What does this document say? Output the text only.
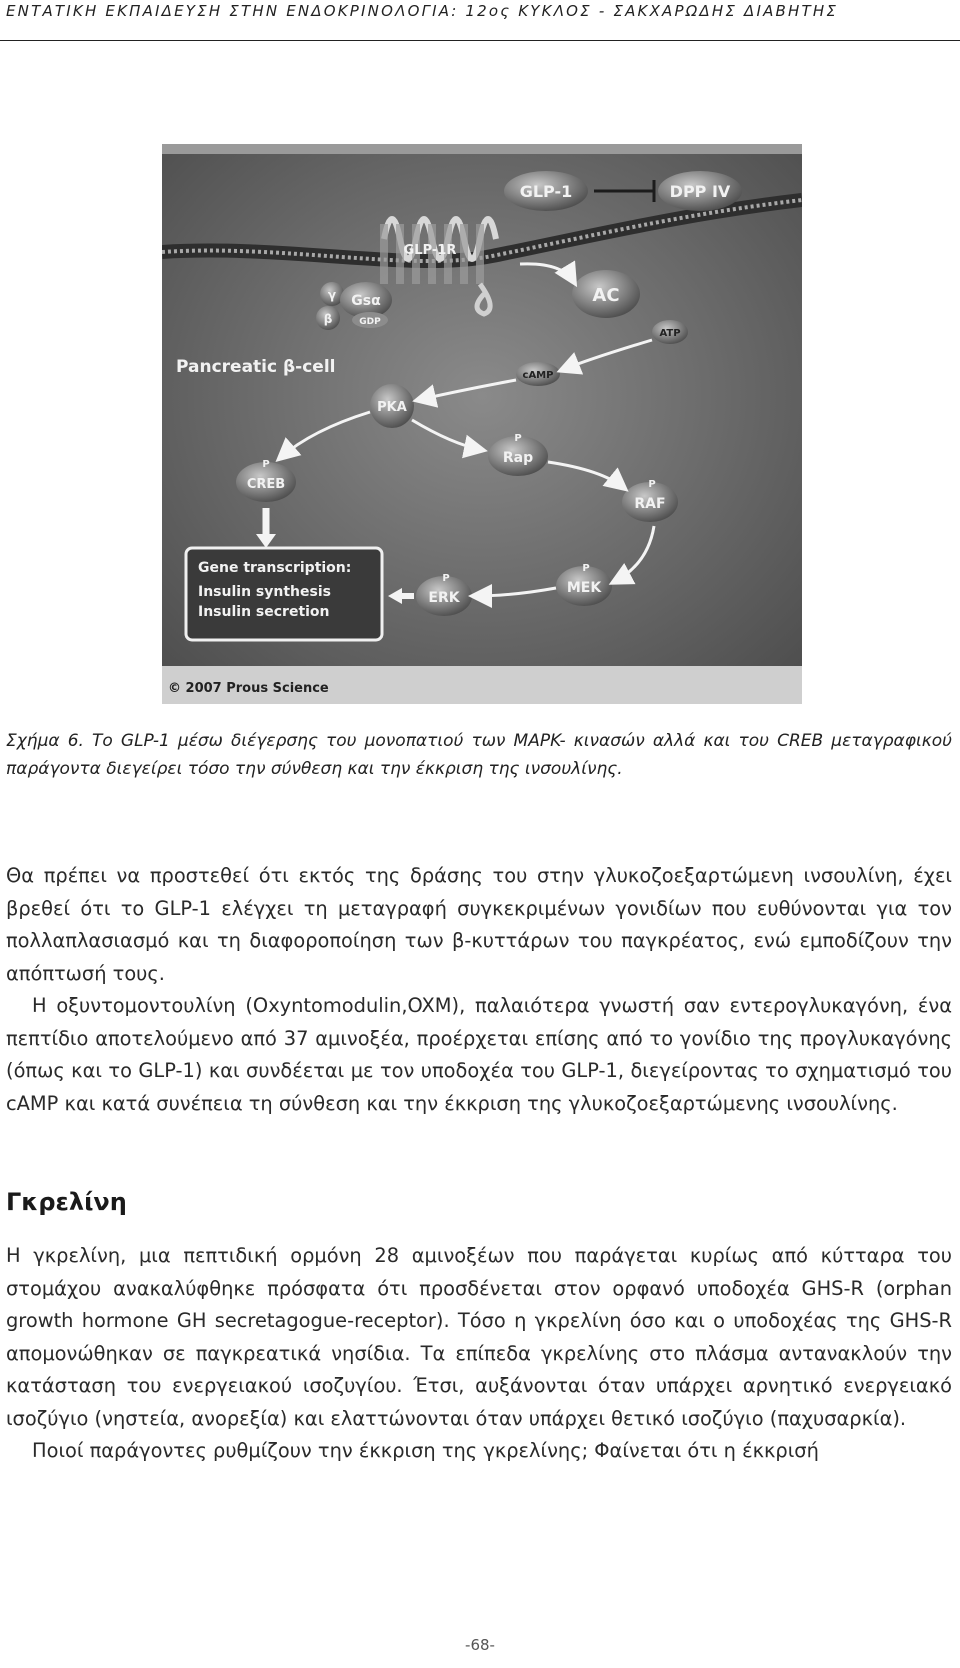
ΕΝΤΑΤΙΚΗ ΕΚΠΑΙΔΕΥΣΗ ΣΤΗΝ ΕΝΔΟΚΡΙΝΟΛΟΓΙΑ: 12ος ΚΥΚΛΟΣ - ΣΑΚΧΑΡΩΔΗΣ ΔΙΑΒΗΤΗΣ
GLP-1	DPP IV
GLP-1R
γ
β
Gsα
GDP
AC
ATP
cAMP
Pancreatic β-cell
PKA
P
Rap
P
CREB	P
RAF
P
MEK
P
ERK
Gene transcription:
Insulin synthesis
Insulin secretion
© 2007 Prous Science
Σχήμα 6. Το GLP-1 μέσω διέγερσης του μονοπατιού των MAPK- κινασών αλλά και του CREB μεταγραφικού παράγοντα διεγείρει τόσο την σύνθεση και την έκκριση της ινσουλίνης.

Θα πρέπει να προστεθεί ότι εκτός της δράσης του στην γλυκοζοεξαρτώμενη ινσουλίνη, έχει βρεθεί ότι το GLP-1 ελέγχει τη μεταγραφή συγκεκριμένων γονιδίων που ευθύνονται για τον πολλαπλασιασμό και τη διαφοροποίηση των β-κυττάρων του παγκρέατος, ενώ εμποδίζουν την απόπτωσή τους.

Η οξυντομοντουλίνη (Oxyntomodulin,OXM), παλαιότερα γνωστή σαν εντερογλυκαγόνη, ένα πεπτίδιο αποτελούμενο από 37 αμινοξέα, προέρχεται επίσης από το γονίδιο της προγλυκαγόνης (όπως και το GLP-1) και συνδέεται με τον υποδοχέα του GLP-1, διεγείροντας το σχηματισμό του cAMP και κατά συνέπεια τη σύνθεση και την έκκριση της γλυκοζοεξαρτώμενης ινσουλίνης.

Γκρελίνη

Η γκρελίνη, μια πεπτιδική ορμόνη 28 αμινοξέων που παράγεται κυρίως από κύτταρα του στομάχου ανακαλύφθηκε πρόσφατα ότι προσδένεται στον ορφανό υποδοχέα GHS-R (orphan growth hormone GH secretagogue-receptor). Τόσο η γκρελίνη όσο και ο υποδοχέας της GHS-R απομονώθηκαν σε παγκρεατικά νησίδια. Τα επίπεδα γκρελίνης στο πλάσμα αντανακλούν την κατάσταση του ενεργειακού ισοζυγίου. Έτσι, αυξάνονται όταν υπάρχει αρνητικό ενεργειακό ισοζύγιο (νηστεία, ανορεξία) και ελαττώνονται όταν υπάρχει θετικό ισοζύγιο (παχυσαρκία).

Ποιοί παράγοντες ρυθμίζουν την έκκριση της γκρελίνης; Φαίνεται ότι η έκκρισή

-68-
